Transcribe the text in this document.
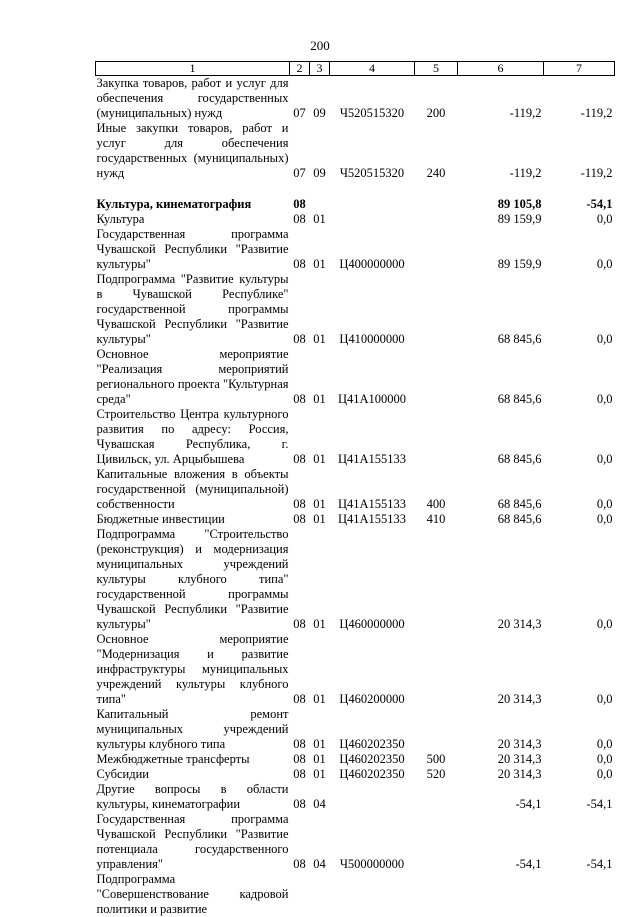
200
1	2	3	4	5	6	7
Закупка товаров, работ и услуг для обеспечения государственных (муниципальных) нужд	07	09	Ч520515320	200	-119,2	-119,2
Иные закупки товаров, работ и услуг для обеспечения государственных (муниципальных) нужд	07	09	Ч520515320	240	-119,2	-119,2

Культура, кинематография	08				89 105,8	-54,1
Культура	08	01			89 159,9	0,0
Государственная программа Чувашской Республики "Развитие культуры"	08	01	Ц400000000		89 159,9	0,0
Подпрограмма "Развитие культуры в Чувашской Республике" государственной программы Чувашской Республики "Развитие культуры"	08	01	Ц410000000		68 845,6	0,0
Основное мероприятие "Реализация мероприятий регионального проекта "Культурная среда"	08	01	Ц41A100000		68 845,6	0,0
Строительство Центра культурного развития по адресу: Россия, Чувашская Республика, г. Цивильск, ул. Арцыбышева	08	01	Ц41A155133		68 845,6	0,0
Капитальные вложения в объекты государственной (муниципальной) собственности	08	01	Ц41A155133	400	68 845,6	0,0
Бюджетные инвестиции	08	01	Ц41A155133	410	68 845,6	0,0
Подпрограмма "Строительство (реконструкция) и модернизация муниципальных учреждений культуры клубного типа" государственной программы Чувашской Республики "Развитие культуры"	08	01	Ц460000000		20 314,3	0,0
Основное мероприятие "Модернизация и развитие инфраструктуры муниципальных учреждений культуры клубного типа"	08	01	Ц460200000		20 314,3	0,0
Капитальный ремонт муниципальных учреждений культуры клубного типа	08	01	Ц460202350		20 314,3	0,0
Межбюджетные трансферты	08	01	Ц460202350	500	20 314,3	0,0
Субсидии	08	01	Ц460202350	520	20 314,3	0,0
Другие вопросы в области культуры, кинематографии	08	04			-54,1	-54,1
Государственная программа Чувашской Республики "Развитие потенциала государственного управления"	08	04	Ч500000000		-54,1	-54,1
Подпрограмма "Совершенствование кадровой политики и развитие						
